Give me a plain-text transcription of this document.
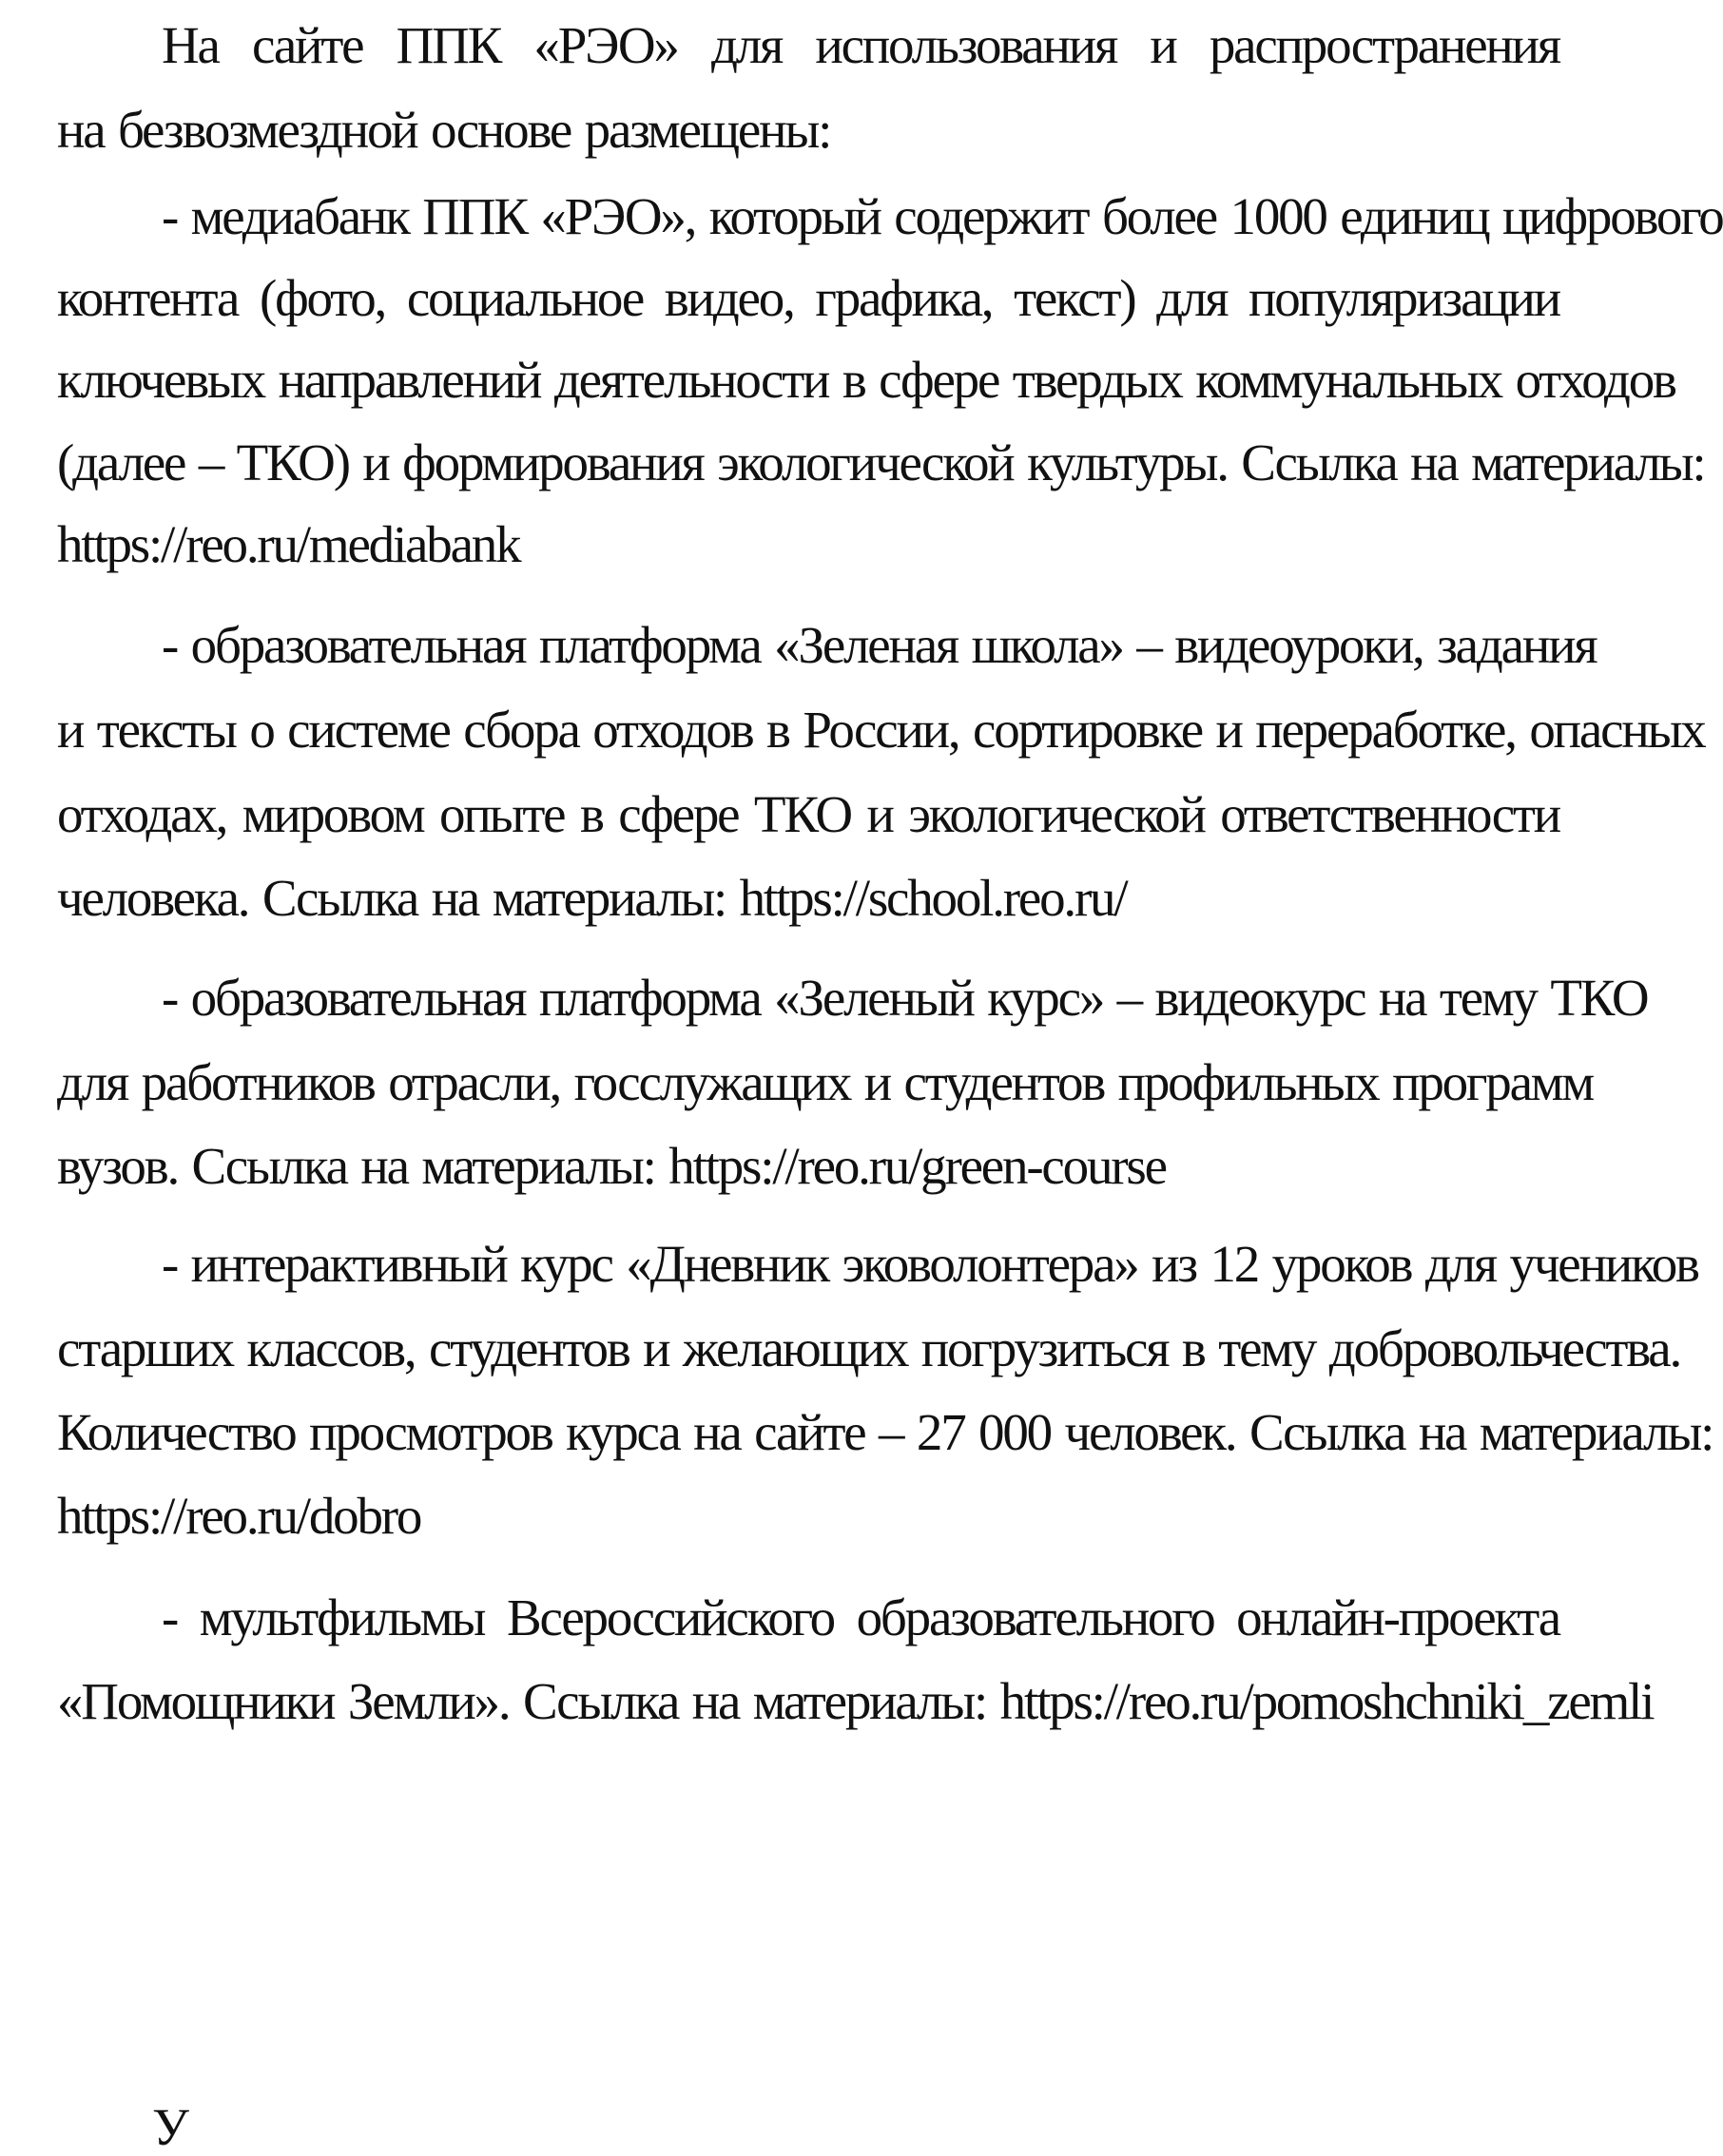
На сайте ППК «РЭО» для использования и распространения
на безвозмездной основе размещены:
- медиабанк ППК «РЭО», который содержит более 1000 единиц цифрового
контента (фото, социальное видео, графика, текст) для популяризации
ключевых направлений деятельности в сфере твердых коммунальных отходов
(далее – ТКО) и формирования экологической культуры. Ссылка на материалы:
https://reo.ru/mediabank
- образовательная платформа «Зеленая школа» – видеоуроки, задания
и тексты о системе сбора отходов в России, сортировке и переработке, опасных
отходах, мировом опыте в сфере ТКО и экологической ответственности
человека. Ссылка на материалы: https://school.reo.ru/
- образовательная платформа «Зеленый курс» – видеокурс на тему ТКО
для работников отрасли, госслужащих и студентов профильных программ
вузов. Ссылка на материалы: https://reo.ru/green-course
- интерактивный курс «Дневник эковолонтера» из 12 уроков для учеников
старших классов, студентов и желающих погрузиться в тему добровольчества.
Количество просмотров курса на сайте – 27 000 человек. Ссылка на материалы:
https://reo.ru/dobro
- мультфильмы Всероссийского образовательного онлайн-проекта
«Помощники Земли». Ссылка на материалы: https://reo.ru/pomoshchniki_zemli
У
